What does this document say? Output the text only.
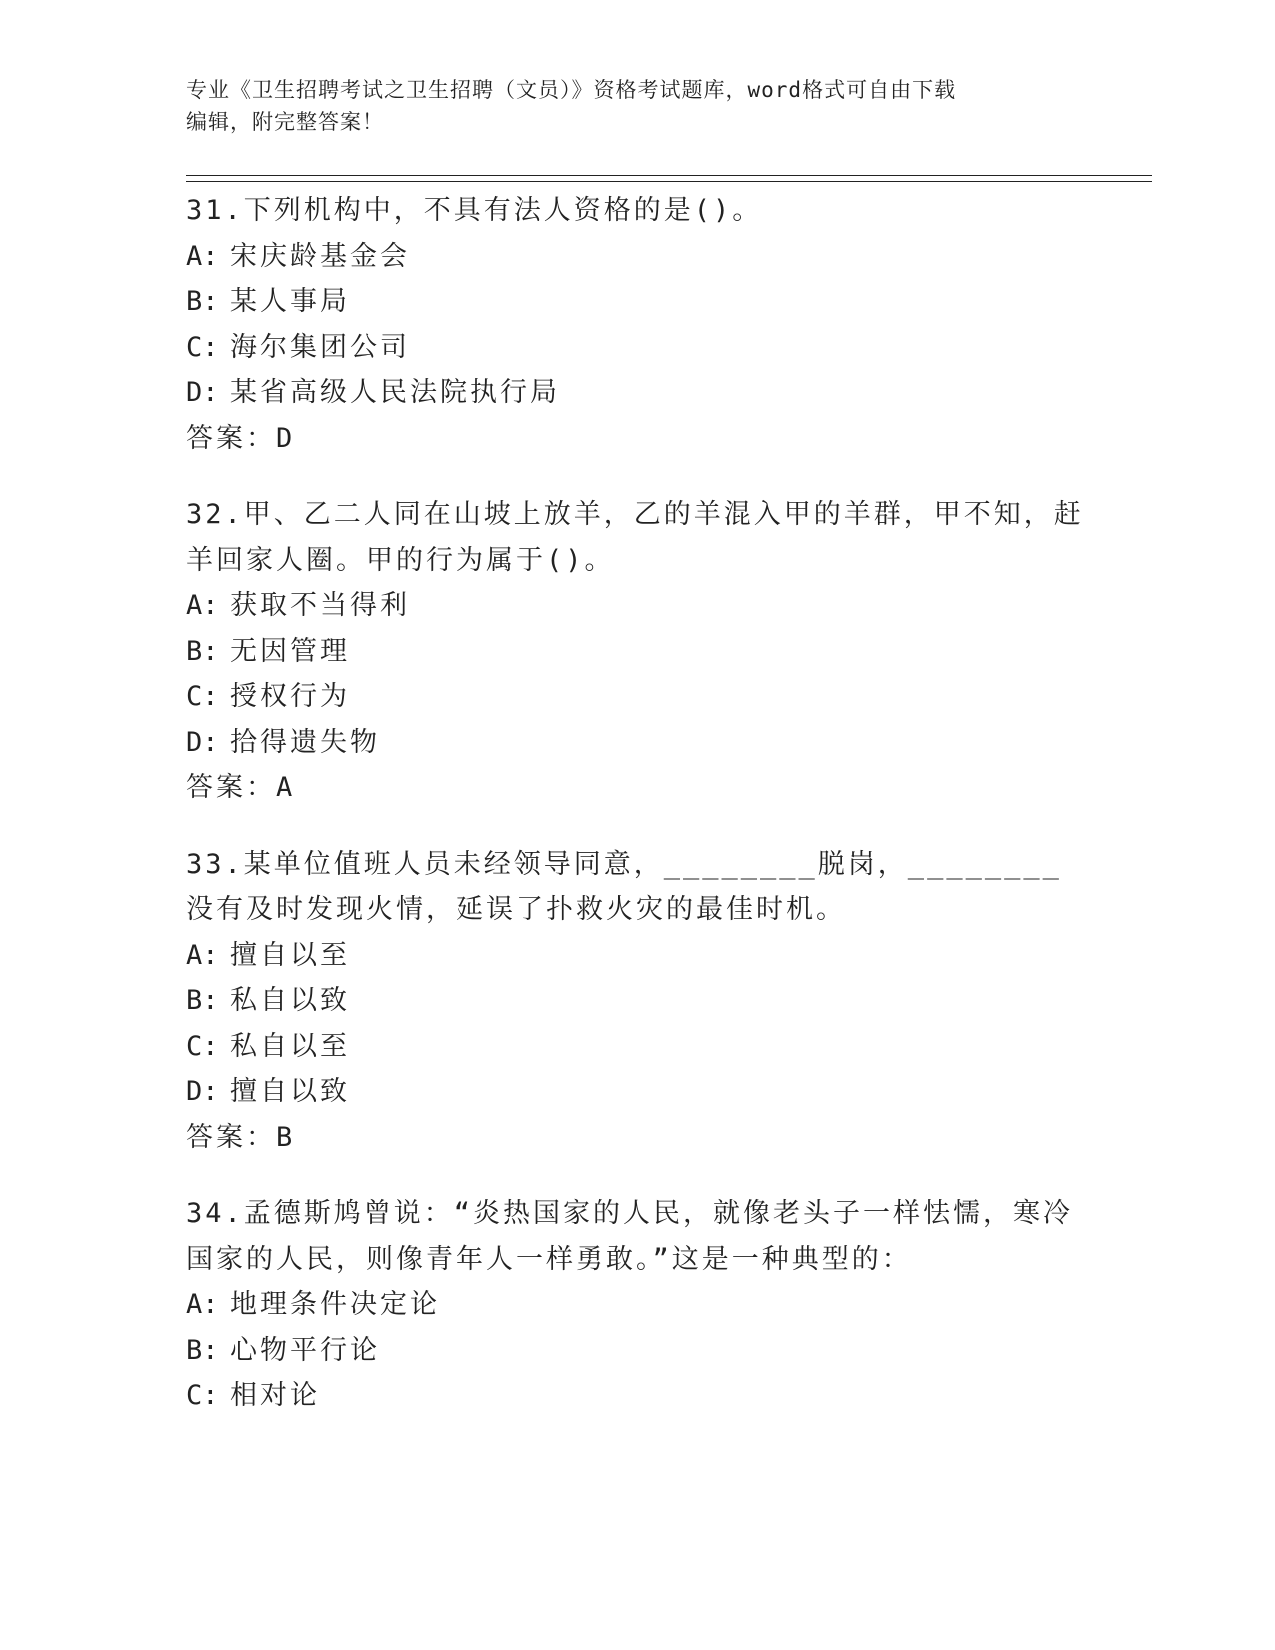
专业《卫生招聘考试之卫生招聘（文员）》资格考试题库，word格式可自由下载
编辑，附完整答案！
31.下列机构中，不具有法人资格的是()。
A: 宋庆龄基金会
B: 某人事局
C: 海尔集团公司
D: 某省高级人民法院执行局
答案：D
32.甲、乙二人同在山坡上放羊，乙的羊混入甲的羊群，甲不知，赶羊回家人圈。甲的行为属于()。
A: 获取不当得利
B: 无因管理
C: 授权行为
D: 拾得遗失物
答案：A
33.某单位值班人员未经领导同意，________脱岗，________没有及时发现火情，延误了扑救火灾的最佳时机。
A: 擅自以至
B: 私自以致
C: 私自以至
D: 擅自以致
答案：B
34.孟德斯鸠曾说：“炎热国家的人民，就像老头子一样怯懦，寒冷国家的人民，则像青年人一样勇敢。”这是一种典型的：
A: 地理条件决定论
B: 心物平行论
C: 相对论
